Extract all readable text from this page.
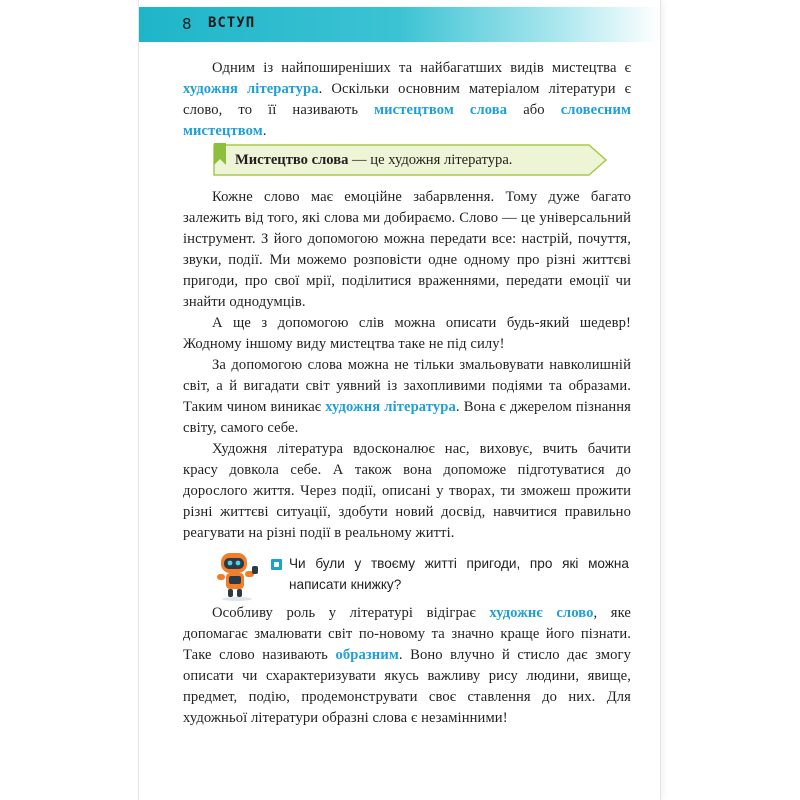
8 ВСТУП

Одним із найпоширеніших та найбагатших видів мистецтва є художня література. Оскільки основним матеріалом літератури є слово, то її називають мистецтвом слова або словесним мистецтвом.

Мистецтво слова — це художня література.

Кожне слово має емоційне забарвлення. Тому дуже багато залежить від того, які слова ми добираємо. Слово — це універсальний інструмент. З його допомогою можна передати все: настрій, почуття, звуки, події. Ми можемо розповісти одне одному про різні життєві пригоди, про свої мрії, поділитися враженнями, передати емоції чи знайти однодумців.

А ще з допомогою слів можна описати будь-який шедевр! Жодному іншому виду мистецтва таке не під силу!

За допомогою слова можна не тільки змальовувати навколишній світ, а й вигадати світ уявний із захопливими подіями та образами. Таким чином виникає художня література. Вона є джерелом пізнання світу, самого себе.

Художня література вдосконалює нас, виховує, вчить бачити красу довкола себе. А також вона допоможе підготуватися до дорослого життя. Через події, описані у творах, ти зможеш прожити різні життєві ситуації, здобути новий досвід, навчитися правильно реагувати на різні події в реальному житті.

Чи були у твоєму житті пригоди, про які можна написати книжку?

Особливу роль у літературі відіграє художнє слово, яке допомагає змалювати світ по-новому та значно краще його пізнати. Таке слово називають образним. Воно влучно й стисло дає змогу описати чи схарактеризувати якусь важливу рису людини, явище, предмет, подію, продемонструвати своє ставлення до них. Для художньої літератури образні слова є незамінними!
